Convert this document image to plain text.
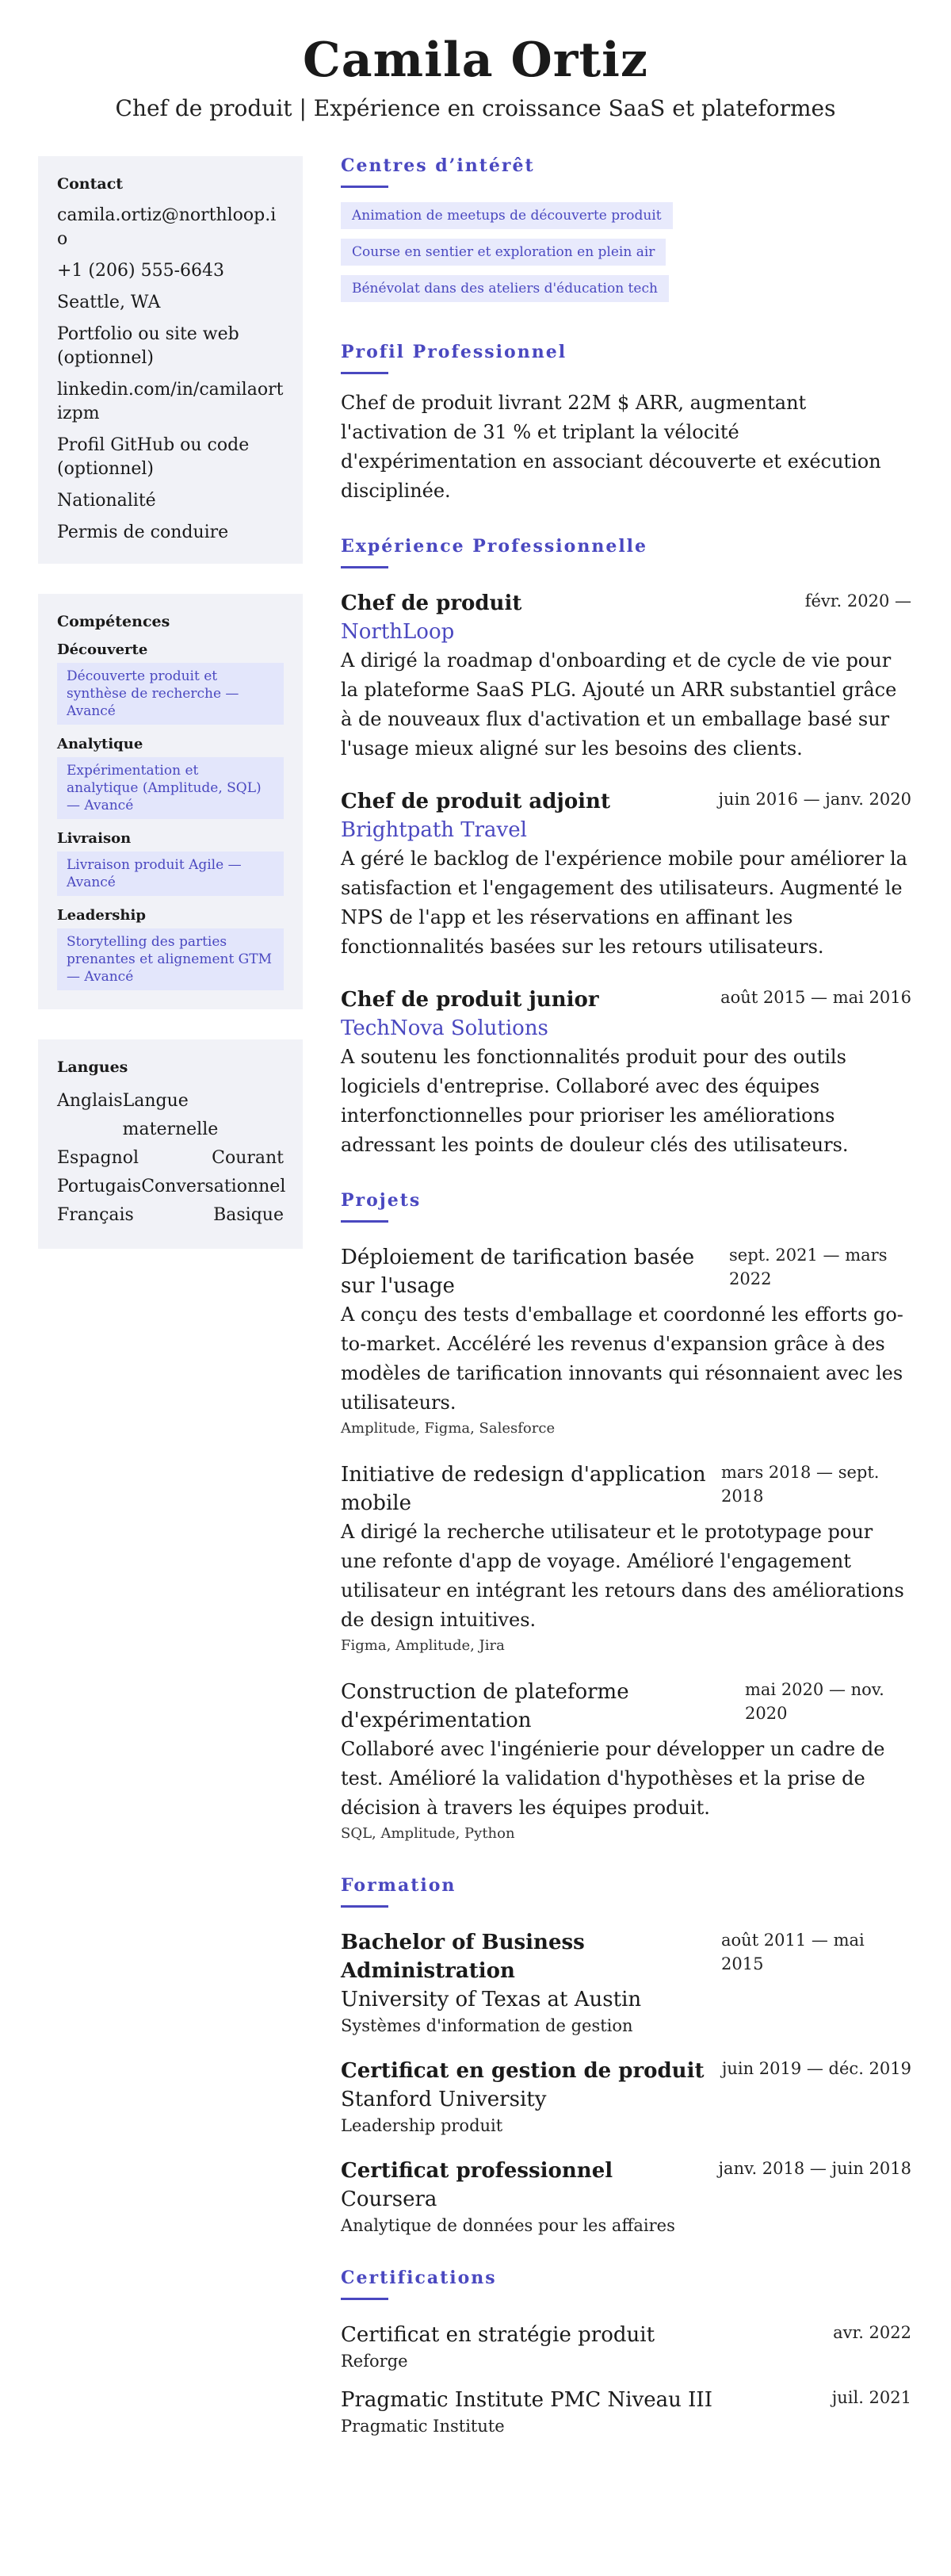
Camila Ortiz

Chef de produit | Expérience en croissance SaaS et plateformes

Contact
camila.ortiz@northloop.io
+1 (206) 555-6643
Seattle, WA
Portfolio ou site web (optionnel)
linkedin.com/in/camilaortizpm
Profil GitHub ou code (optionnel)
Nationalité
Permis de conduire
Compétences
Découverte
Découverte produit et synthèse de recherche — Avancé
Analytique
Expérimentation et analytique (Amplitude, SQL) — Avancé
Livraison
Livraison produit Agile — Avancé
Leadership
Storytelling des parties prenantes et alignement GTM — Avancé
Langues
Anglais Langue maternelle
Espagnol	Courant
Portugais Conversationnel
Français	Basique
Centres d’intérêt
Animation de meetups de découverte produit
Course en sentier et exploration en plein air
Bénévolat dans des ateliers d'éducation tech
Profil Professionnel

Chef de produit livrant 22M $ ARR, augmentant l'activation de 31 % et triplant la vélocité d'expérimentation en associant découverte et exécution disciplinée.

Expérience Professionnelle
Chef de produit	févr. 2020 —
NorthLoop

A dirigé la roadmap d'onboarding et de cycle de vie pour la plateforme SaaS PLG. Ajouté un ARR substantiel grâce à de nouveaux flux d'activation et un emballage basé sur l'usage mieux aligné sur les besoins des clients.

Chef de produit adjoint	juin 2016 — janv. 2020
Brightpath Travel

A géré le backlog de l'expérience mobile pour améliorer la satisfaction et l'engagement des utilisateurs. Augmenté le NPS de l'app et les réservations en affinant les fonctionnalités basées sur les retours utilisateurs.

Chef de produit junior	août 2015 — mai 2016
TechNova Solutions

A soutenu les fonctionnalités produit pour des outils logiciels d'entreprise. Collaboré avec des équipes interfonctionnelles pour prioriser les améliorations adressant les points de douleur clés des utilisateurs.

Projets
Déploiement de tarification basée sur l'usage
sept. 2021 — mars 2022

A conçu des tests d'emballage et coordonné les efforts go-to-market. Accéléré les revenus d'expansion grâce à des modèles de tarification innovants qui résonnaient avec les utilisateurs.

Amplitude, Figma, Salesforce
Initiative de redesign d'application mobile
mars 2018 — sept. 2018

A dirigé la recherche utilisateur et le prototypage pour une refonte d'app de voyage. Amélioré l'engagement utilisateur en intégrant les retours dans des améliorations de design intuitives.

Figma, Amplitude, Jira
Construction de plateforme d'expérimentation
mai 2020 — nov. 2020

Collaboré avec l'ingénierie pour développer un cadre de test. Amélioré la validation d'hypothèses et la prise de décision à travers les équipes produit.

SQL, Amplitude, Python
Formation
Bachelor of Business Administration
août 2011 — mai 2015
University of Texas at Austin
Systèmes d'information de gestion
Certificat en gestion de produit juin 2019 — déc. 2019
Stanford University
Leadership produit
Certificat professionnel	janv. 2018 — juin 2018
Coursera
Analytique de données pour les affaires
Certifications
Certificat en stratégie produit	avr. 2022
Reforge
Pragmatic Institute PMC Niveau III	juil. 2021
Pragmatic Institute
